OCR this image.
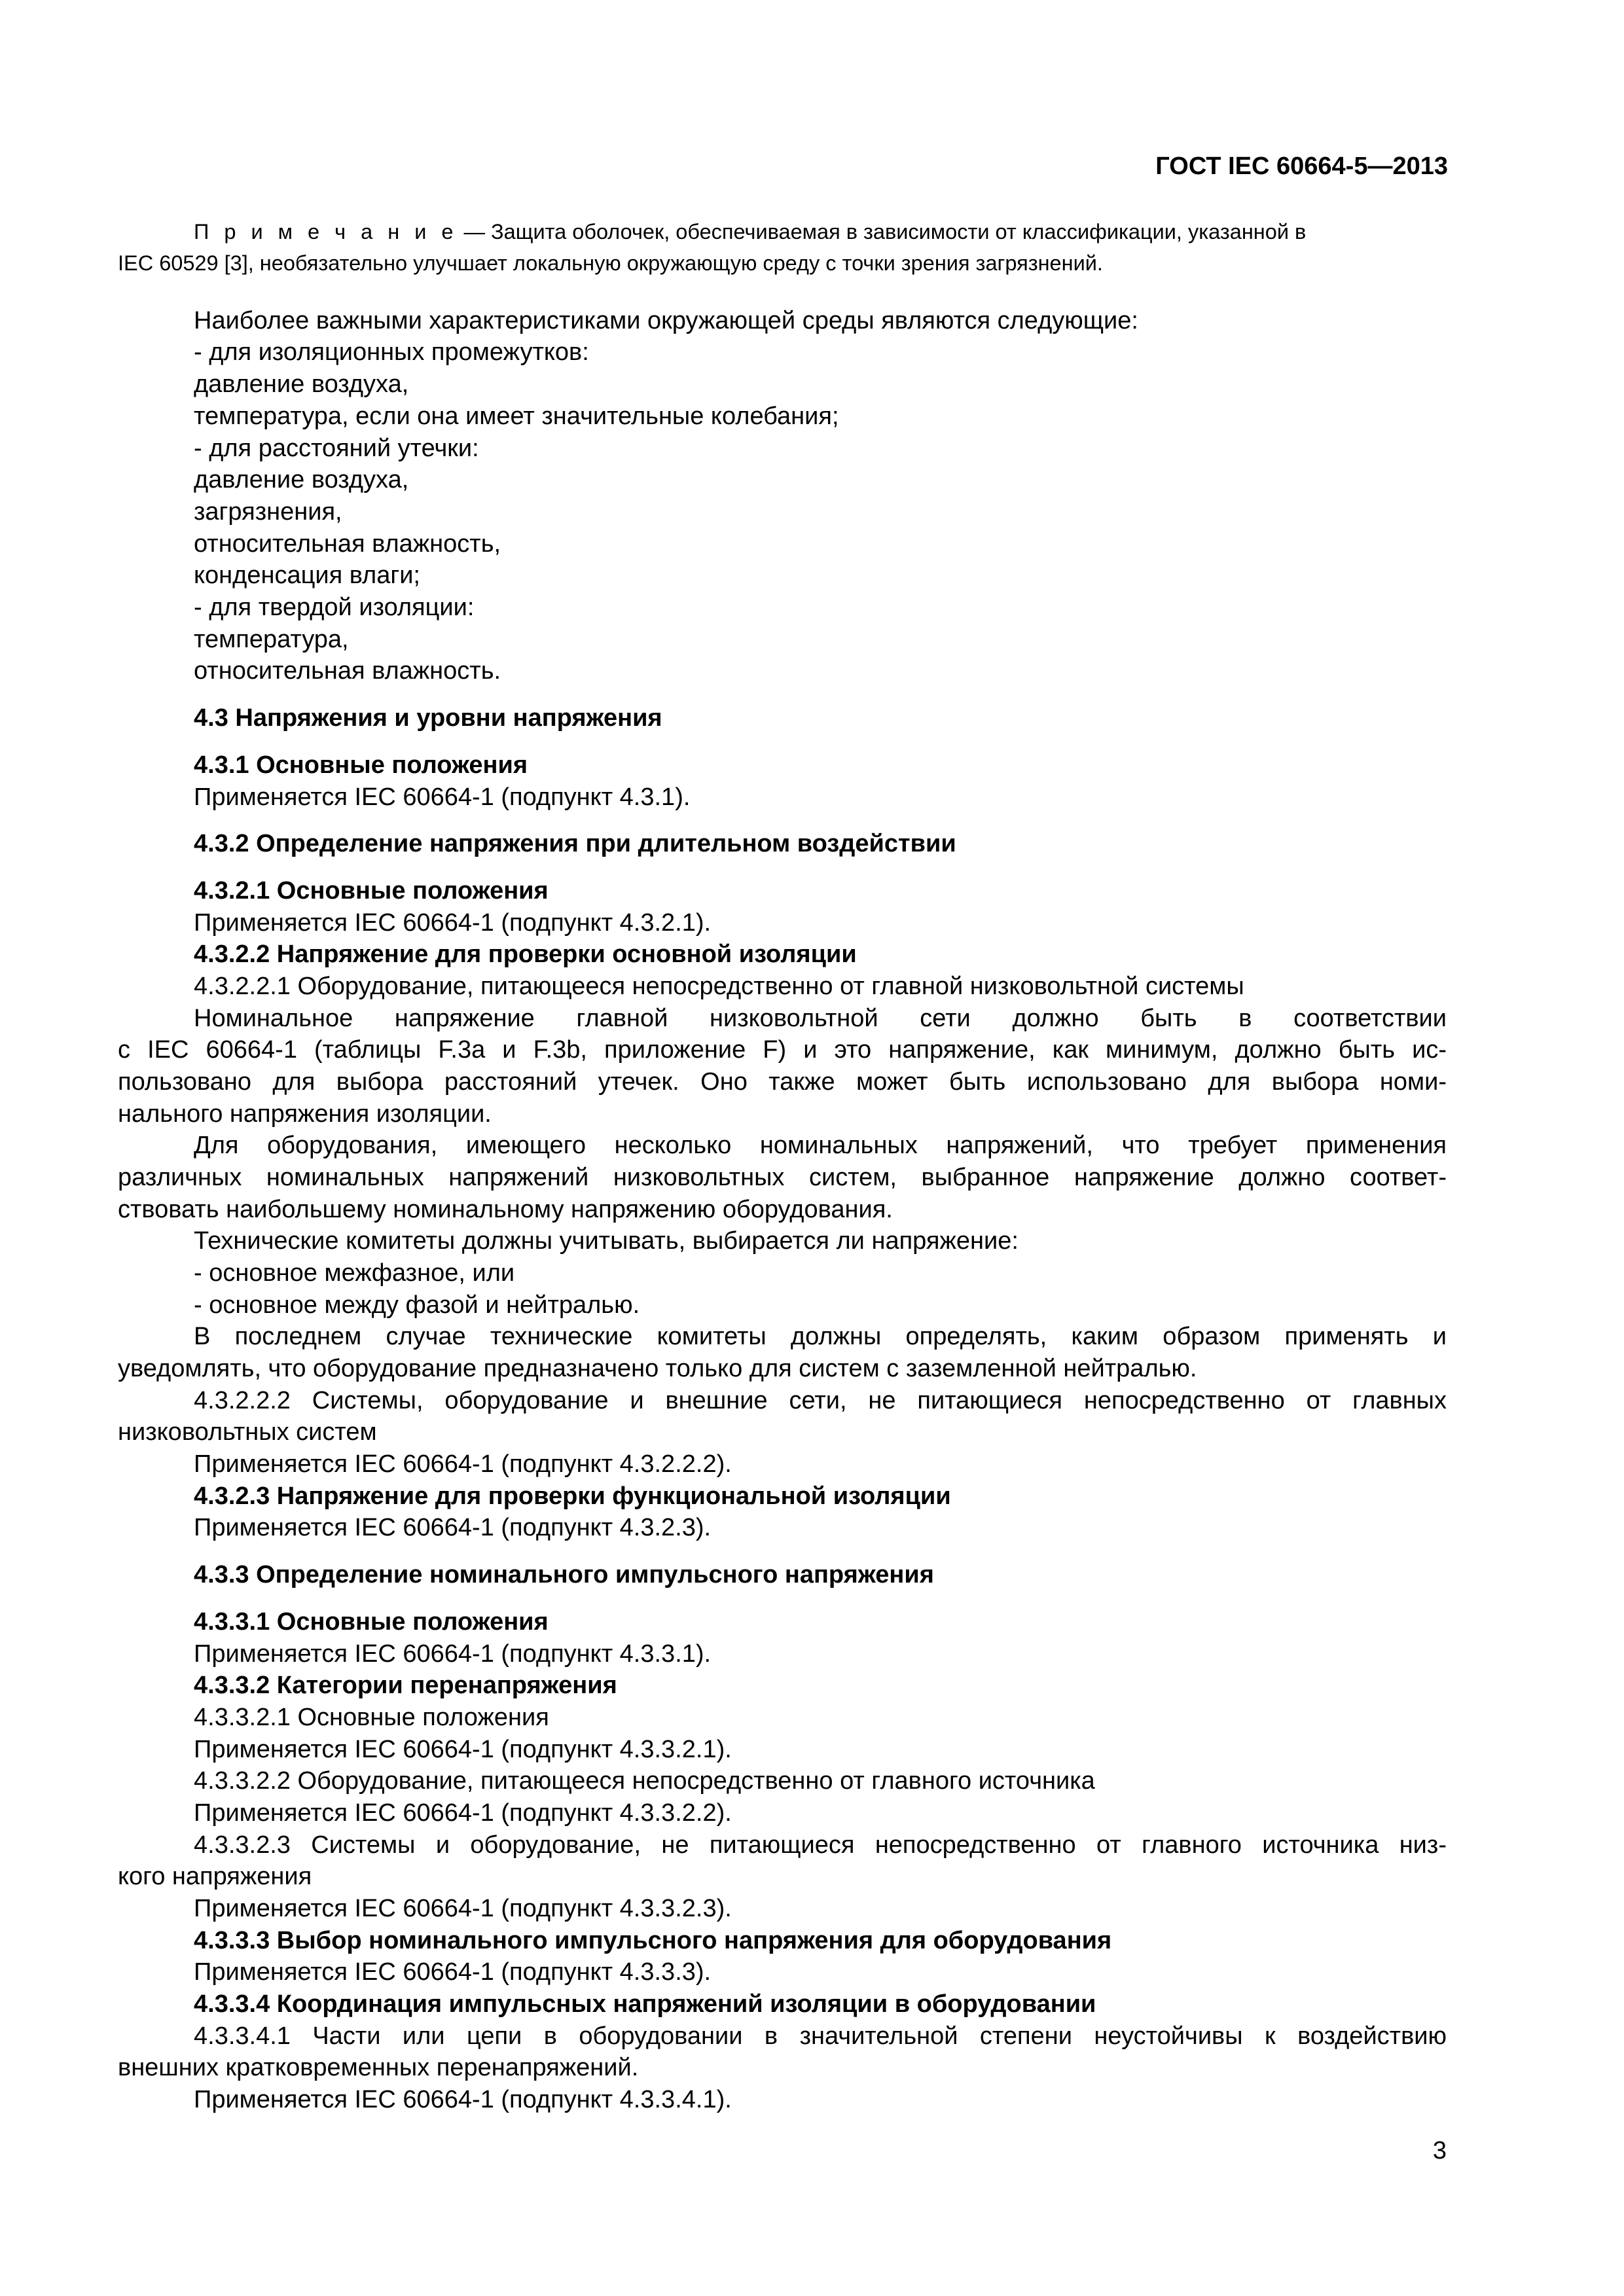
ГОСТ IEC 60664-5—2013
П р и м е ч а н и е — Защита оболочек, обеспечиваемая в зависимости от классификации, указанной в
IEC 60529 [3], необязательно улучшает локальную окружающую среду с точки зрения загрязнений.
Наиболее важными характеристиками окружающей среды являются следующие:
- для изоляционных промежутков:
давление воздуха,
температура, если она имеет значительные колебания;
- для расстояний утечки:
давление воздуха,
загрязнения,
относительная влажность,
конденсация влаги;
- для твердой изоляции:
температура,
относительная влажность.
4.3 Напряжения и уровни напряжения
4.3.1 Основные положения
Применяется IEC 60664-1 (подпункт 4.3.1).
4.3.2 Определение напряжения при длительном воздействии
4.3.2.1 Основные положения
Применяется IEC 60664-1 (подпункт 4.3.2.1).
4.3.2.2 Напряжение для проверки основной изоляции
4.3.2.2.1 Оборудование, питающееся непосредственно от главной низковольтной системы
Номинальное напряжение главной низковольтной сети должно быть в соответствии
с IEC 60664-1 (таблицы F.3a и F.3b, приложение F) и это напряжение, как минимум, должно быть ис-
пользовано для выбора расстояний утечек. Оно также может быть использовано для выбора номи-
нального напряжения изоляции.
Для оборудования, имеющего несколько номинальных напряжений, что требует применения
различных номинальных напряжений низковольтных систем, выбранное напряжение должно соответ-
ствовать наибольшему номинальному напряжению оборудования.
Технические комитеты должны учитывать, выбирается ли напряжение:
- основное межфазное, или
- основное между фазой и нейтралью.
В последнем случае технические комитеты должны определять, каким образом применять и
уведомлять, что оборудование предназначено только для систем с заземленной нейтралью.
4.3.2.2.2 Системы, оборудование и внешние сети, не питающиеся непосредственно от главных
низковольтных систем
Применяется IEC 60664-1 (подпункт 4.3.2.2.2).
4.3.2.3 Напряжение для проверки функциональной изоляции
Применяется IEC 60664-1 (подпункт 4.3.2.3).
4.3.3 Определение номинального импульсного напряжения
4.3.3.1 Основные положения
Применяется IEC 60664-1 (подпункт 4.3.3.1).
4.3.3.2 Категории перенапряжения
4.3.3.2.1 Основные положения
Применяется IEC 60664-1 (подпункт 4.3.3.2.1).
4.3.3.2.2 Оборудование, питающееся непосредственно от главного источника
Применяется IEC 60664-1 (подпункт 4.3.3.2.2).
4.3.3.2.3 Системы и оборудование, не питающиеся непосредственно от главного источника низ-
кого напряжения
Применяется IEC 60664-1 (подпункт 4.3.3.2.3).
4.3.3.3 Выбор номинального импульсного напряжения для оборудования
Применяется IEC 60664-1 (подпункт 4.3.3.3).
4.3.3.4 Координация импульсных напряжений изоляции в оборудовании
4.3.3.4.1 Части или цепи в оборудовании в значительной степени неустойчивы к воздействию
внешних кратковременных перенапряжений.
Применяется IEC 60664-1 (подпункт 4.3.3.4.1).
3
